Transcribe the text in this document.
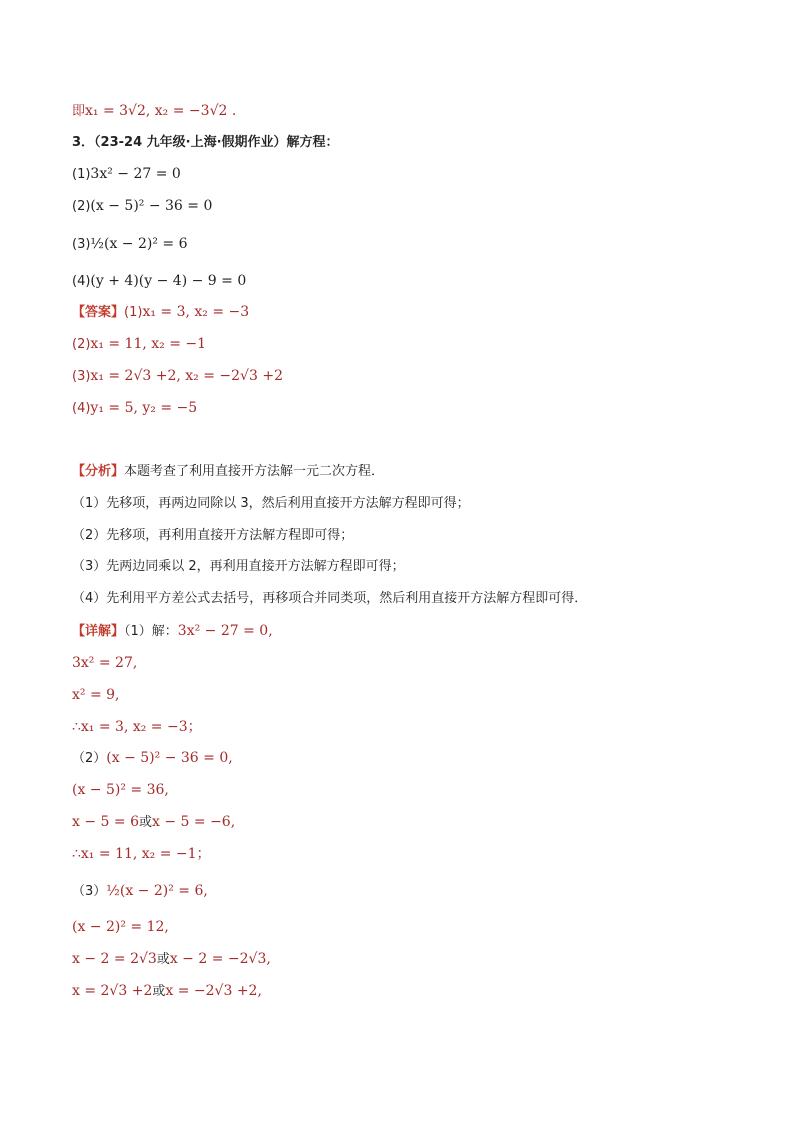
即x₁ = 3√2, x₂ = −3√2 .
3．（23-24 九年级·上海·假期作业）解方程：
(1)3x² − 27 = 0
(2)(x − 5)² − 36 = 0
(3)½(x − 2)² = 6
(4)(y + 4)(y − 4) − 9 = 0
【答案】(1)x₁ = 3, x₂ = −3
(2)x₁ = 11, x₂ = −1
(3)x₁ = 2√3 +2, x₂ = −2√3 +2
(4)y₁ = 5, y₂ = −5
【分析】本题考查了利用直接开方法解一元二次方程．
（1）先移项，再两边同除以 3，然后利用直接开方法解方程即可得；
（2）先移项，再利用直接开方法解方程即可得；
（3）先两边同乘以 2，再利用直接开方法解方程即可得；
（4）先利用平方差公式去括号，再移项合并同类项，然后利用直接开方法解方程即可得．
【详解】（1）解：3x² − 27 = 0,
3x² = 27,
x² = 9,
∴x₁ = 3, x₂ = −3；
（2）(x − 5)² − 36 = 0,
(x − 5)² = 36,
x − 5 = 6或x − 5 = −6,
∴x₁ = 11, x₂ = −1；
（3）½(x − 2)² = 6,
(x − 2)² = 12,
x − 2 = 2√3或x − 2 = −2√3,
x = 2√3 +2或x = −2√3 +2,
